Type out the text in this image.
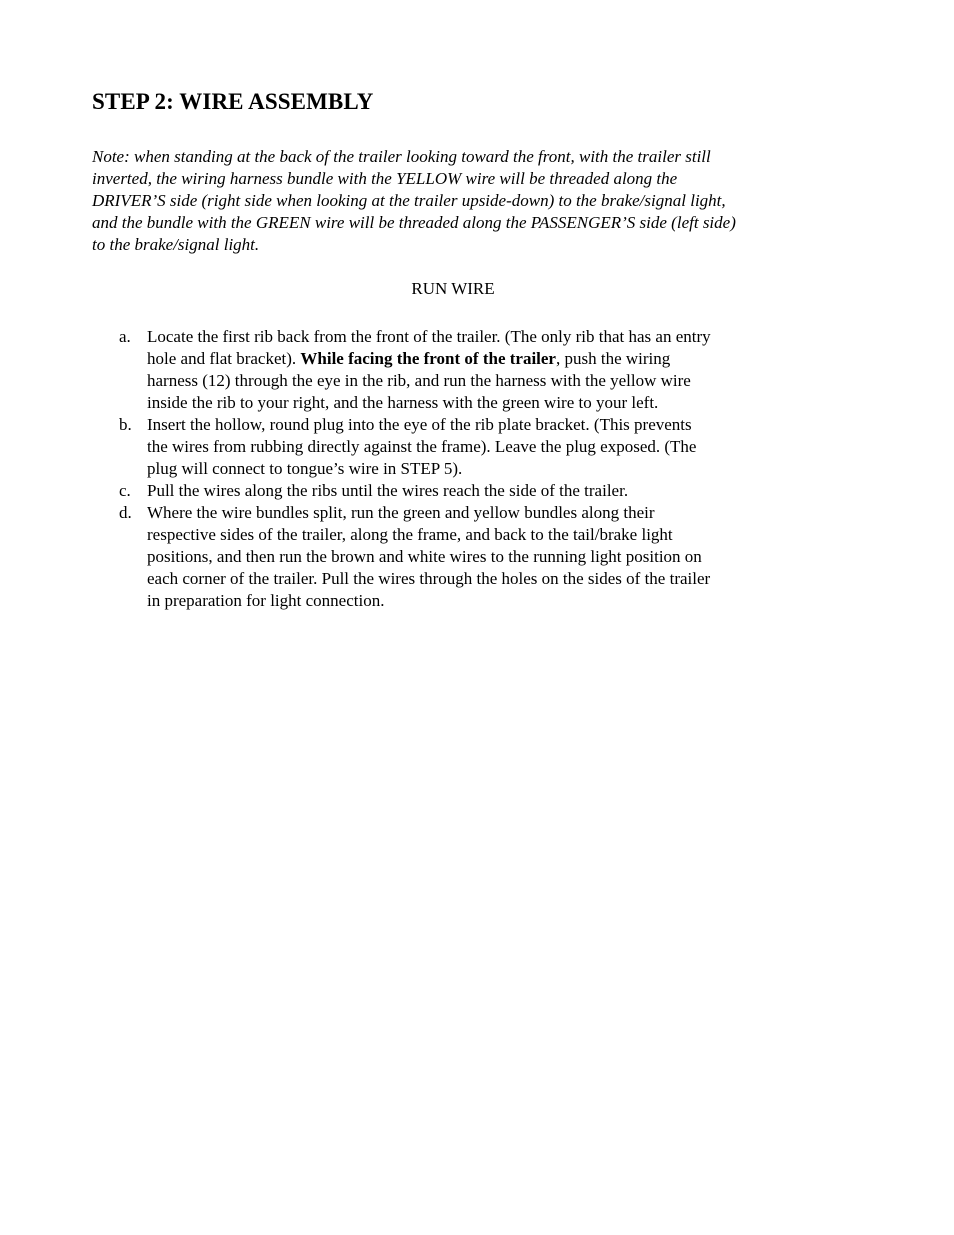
STEP 2: WIRE ASSEMBLY

Note: when standing at the back of the trailer looking toward the front, with the trailer still
inverted, the wiring harness bundle with the YELLOW wire will be threaded along the
DRIVER’S side (right side when looking at the trailer upside-down) to the brake/signal light,
and the bundle with the GREEN wire will be threaded along the PASSENGER’S side (left side)
to the brake/signal light.

RUN WIRE

a. Locate the first rib back from the front of the trailer. (The only rib that has an entry
hole and flat bracket). While facing the front of the trailer, push the wiring
harness (12) through the eye in the rib, and run the harness with the yellow wire
inside the rib to your right, and the harness with the green wire to your left.
b. Insert the hollow, round plug into the eye of the rib plate bracket. (This prevents
the wires from rubbing directly against the frame). Leave the plug exposed. (The
plug will connect to tongue’s wire in STEP 5).
c. Pull the wires along the ribs until the wires reach the side of the trailer.
d. Where the wire bundles split, run the green and yellow bundles along their
respective sides of the trailer, along the frame, and back to the tail/brake light
positions, and then run the brown and white wires to the running light position on
each corner of the trailer. Pull the wires through the holes on the sides of the trailer
in preparation for light connection.
